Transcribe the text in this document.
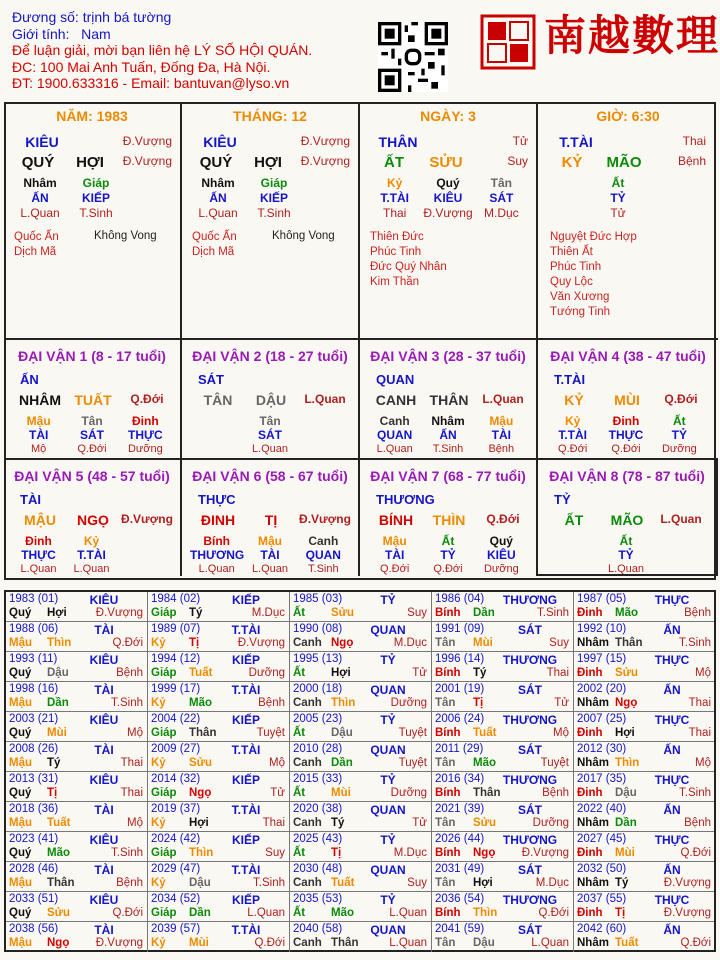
Đương số: trịnh bá tường
Giới tính: Nam
Để luận giải, mời bạn liên hệ LÝ SỐ HỘI QUÁN.
ĐC: 100 Mai Anh Tuấn, Đống Đa, Hà Nội.
ĐT: 1900.633316 - Email: bantuvan@lyso.vn
南越數理
NĂM: 1983
KIÊU	Đ.Vượng
QUÝ	HỢI	Đ.Vượng
Nhâm	Giáp
ẤN	KIẾP
L.Quan	T.Sinh
Quốc Ấn
Dịch Mã
Không Vong
THÁNG: 12
KIÊU	Đ.Vượng
QUÝ	HỢI	Đ.Vượng
Nhâm	Giáp
ẤN	KIẾP
L.Quan	T.Sinh
Quốc Ấn
Dịch Mã
Không Vong
NGÀY: 3
THÂN	Tử
ẤT	SỬU	Suy
Kỷ	Quý	Tân
T.TÀI	KIÊU	SÁT
Thai	Đ.Vượng M.Dục
Thiên Đức
Phúc Tinh
Đức Quý Nhân
Kim Thần
GIỜ: 6:30
T.TÀI	Thai
KỶ	MÃO	Bệnh
Ất
TỶ
Tử
Nguyệt Đức Hợp
Thiên Ất
Phúc Tinh
Quy Lộc
Văn Xương
Tướng Tinh
ĐẠI VẬN 1 (8 - 17 tuổi)
ẤN
NHÂM TUẤT	Q.Đới
Mậu	Tân	Đinh
TÀI	SÁT	THỰC
Mộ	Q.Đới	Dưỡng
ĐẠI VẬN 2 (18 - 27 tuổi)
SÁT
TÂN	DẬU	L.Quan
Tân
SÁT
L.Quan
ĐẠI VẬN 3 (28 - 37 tuổi)
QUAN
CANH THÂN	L.Quan
Canh	Nhâm	Mậu
QUAN	ẤN	TÀI
L.Quan	T.Sinh	Bệnh
ĐẠI VẬN 4 (38 - 47 tuổi)
T.TÀI
KỶ	MÙI	Q.Đới
Kỷ	Đinh	Ất
T.TÀI	THỰC	TỶ
Q.Đới	Q.Đới	Dưỡng
ĐẠI VẬN 5 (48 - 57 tuổi)
TÀI
MẬU	NGỌ	Đ.Vượng
Đinh	Kỷ
THỰC	T.TÀI
L.Quan	L.Quan
ĐẠI VẬN 6 (58 - 67 tuổi)
THỰC
ĐINH	TỊ	Đ.Vượng
Bính	Mậu	Canh
THƯƠNG	TÀI	QUAN
L.Quan	L.Quan	T.Sinh
ĐẠI VẬN 7 (68 - 77 tuổi)
THƯƠNG
BÍNH	THÌN	Q.Đới
Mậu	Ất	Quý
TÀI	TỶ	KIÊU
Q.Đới	Q.Đới	Dưỡng
ĐẠI VẬN 8 (78 - 87 tuổi)
TỶ
ẤT	MÃO	L.Quan
Ất
TỶ
L.Quan
1983 (01)	KIÊU
Quý	Hợi	Đ.Vượng
1984 (02)	KIẾP
Giáp	Tý	M.Dục
1985 (03)	TỶ
Ất	Sửu	Suy
1986 (04)	THƯƠNG
Bính	Dần	T.Sinh
1987 (05)	THỰC
Đinh	Mão	Bệnh
1988 (06)	TÀI
Mậu	Thìn	Q.Đới
1989 (07)	T.TÀI
Kỷ	Tị	Đ.Vượng
1990 (08)	QUAN
Canh Ngọ	M.Dục
1991 (09)	SÁT
Tân	Mùi	Suy
1992 (10)	ẤN
Nhâm Thân	T.Sinh
1993 (11)	KIÊU
Quý	Dậu	Bệnh
1994 (12)	KIẾP
Giáp	Tuất	Dưỡng
1995 (13)	TỶ
Ất	Hợi	Tử
1996 (14)	THƯƠNG
Bính	Tý	Thai
1997 (15)	THỰC
Đinh	Sửu	Mộ
1998 (16)	TÀI
Mậu	Dần	T.Sinh
1999 (17)	T.TÀI
Kỷ	Mão	Bệnh
2000 (18)	QUAN
Canh Thìn	Dưỡng
2001 (19)	SÁT
Tân	Tị	Tử
2002 (20)	ẤN
Nhâm Ngọ	Thai
2003 (21)	KIÊU
Quý	Mùi	Mộ
2004 (22)	KIẾP
Giáp	Thân	Tuyệt
2005 (23)	TỶ
Ất	Dậu	Tuyệt
2006 (24)	THƯƠNG
Bính	Tuất	Mộ
2007 (25)	THỰC
Đinh	Hợi	Thai
2008 (26)	TÀI
Mậu	Tý	Thai
2009 (27)	T.TÀI
Kỷ	Sửu	Mộ
2010 (28)	QUAN
Canh Dần	Tuyệt
2011 (29)	SÁT
Tân	Mão	Tuyệt
2012 (30)	ẤN
Nhâm Thìn	Mộ
2013 (31)	KIÊU
Quý	Tị	Thai
2014 (32)	KIẾP
Giáp	Ngọ	Tử
2015 (33)	TỶ
Ất	Mùi	Dưỡng
2016 (34)	THƯƠNG
Bính	Thân	Bệnh
2017 (35)	THỰC
Đinh	Dậu	T.Sinh
2018 (36)	TÀI
Mậu	Tuất	Mộ
2019 (37)	T.TÀI
Kỷ	Hợi	Thai
2020 (38)	QUAN
Canh Tý	Tử
2021 (39)	SÁT
Tân	Sửu	Dưỡng
2022 (40)	ẤN
Nhâm Dần	Bệnh
2023 (41)	KIÊU
Quý	Mão	T.Sinh
2024 (42)	KIẾP
Giáp	Thìn	Suy
2025 (43)	TỶ
Ất	Tị	M.Dục
2026 (44)	THƯƠNG
Bính	Ngọ	Đ.Vượng
2027 (45)	THỰC
Đinh	Mùi	Q.Đới
2028 (46)	TÀI
Mậu	Thân	Bệnh
2029 (47)	T.TÀI
Kỷ	Dậu	T.Sinh
2030 (48)	QUAN
Canh Tuất	Suy
2031 (49)	SÁT
Tân	Hợi	M.Dục
2032 (50)	ẤN
Nhâm Tý	Đ.Vượng
2033 (51)	KIÊU
Quý	Sửu	Q.Đới
2034 (52)	KIẾP
Giáp	Dần	L.Quan
2035 (53)	TỶ
Ất	Mão	L.Quan
2036 (54)	THƯƠNG
Bính	Thìn	Q.Đới
2037 (55)	THỰC
Đinh	Tị	Đ.Vượng
2038 (56)	TÀI
Mậu	Ngọ	Đ.Vượng
2039 (57)	T.TÀI
Kỷ	Mùi	Q.Đới
2040 (58)	QUAN
Canh Thân	L.Quan
2041 (59)	SÁT
Tân	Dậu	L.Quan
2042 (60)	ẤN
Nhâm Tuất	Q.Đới
